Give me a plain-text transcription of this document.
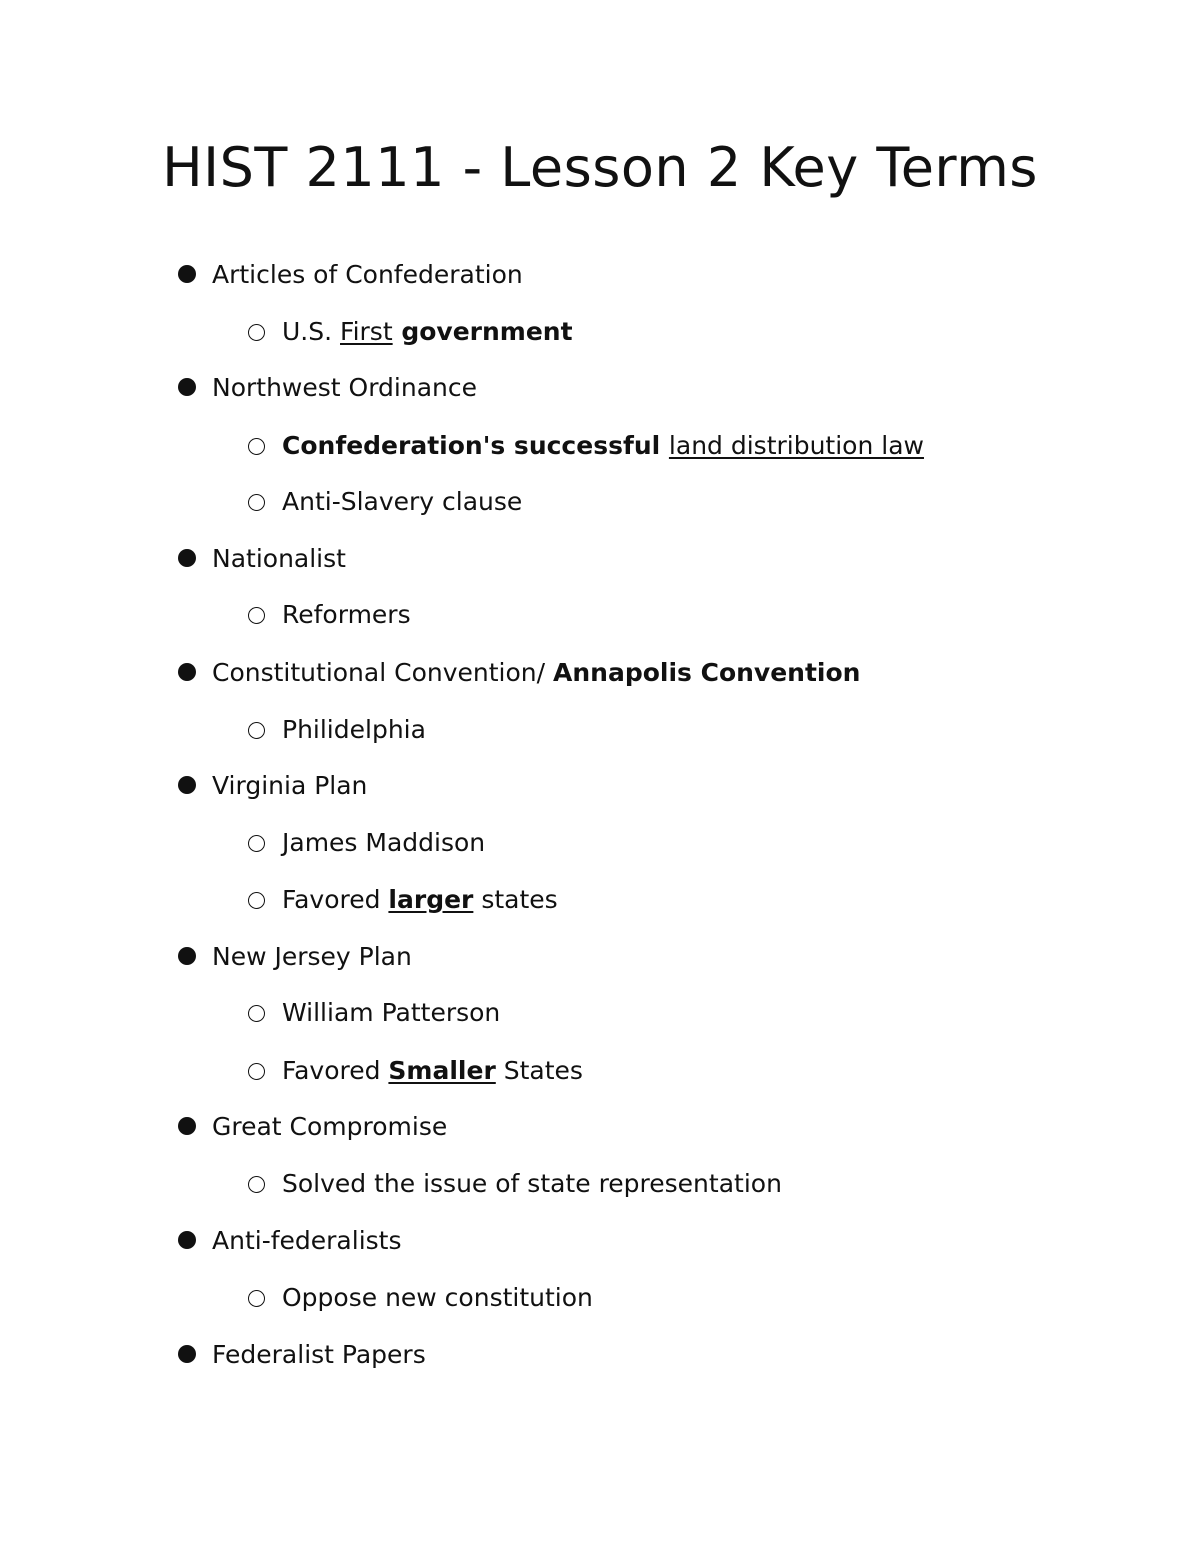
HIST 2111 - Lesson 2 Key Terms
Articles of Confederation
U.S. First government
Northwest Ordinance
Confederation's successful land distribution law
Anti-Slavery clause
Nationalist
Reformers
Constitutional Convention/ Annapolis Convention
Philidelphia
Virginia Plan
James Maddison
Favored larger states
New Jersey Plan
William Patterson
Favored Smaller States
Great Compromise
Solved the issue of state representation
Anti-federalists
Oppose new constitution
Federalist Papers
